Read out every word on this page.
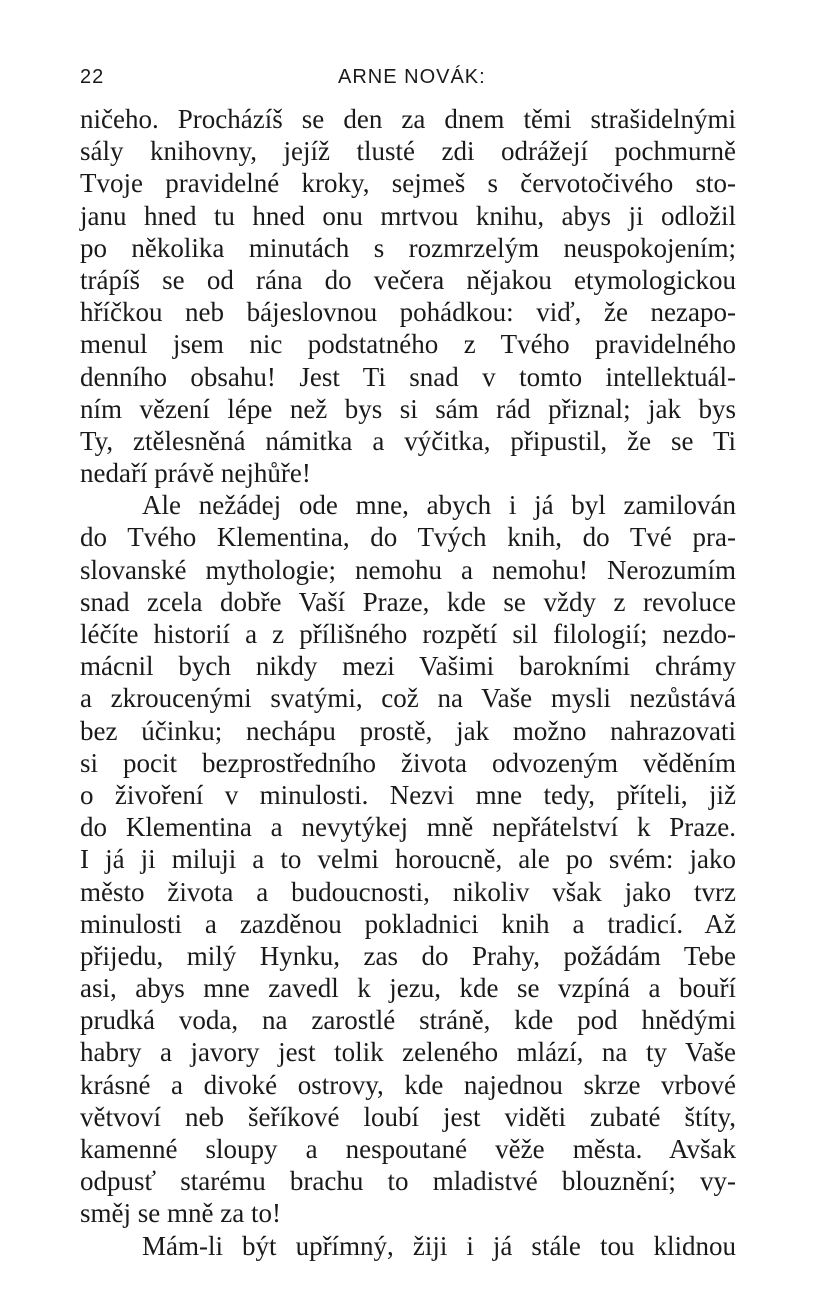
22	ARNE NOVÁK:
ničeho. Procházíš se den za dnem těmi strašidelnými
sály knihovny, jejíž tlusté zdi odrážejí pochmurně
Tvoje pravidelné kroky, sejmeš s červotočivého sto-
janu hned tu hned onu mrtvou knihu, abys ji odložil
po několika minutách s rozmrzelým neuspokojením;
trápíš se od rána do večera nějakou etymologickou
hříčkou neb bájeslovnou pohádkou: viď, že nezapo-
menul jsem nic podstatného z Tvého pravidelného
denního obsahu! Jest Ti snad v tomto intellektuál-
ním vězení lépe než bys si sám rád přiznal; jak bys
Ty, ztělesněná námitka a výčitka, připustil, že se Ti
nedaří právě nejhůře!
Ale nežádej ode mne, abych i já byl zamilován
do Tvého Klementina, do Tvých knih, do Tvé pra-
slovanské mythologie; nemohu a nemohu! Nerozumím
snad zcela dobře Vaší Praze, kde se vždy z revoluce
léčíte historií a z přílišného rozpětí sil filologií; nezdo-
mácnil bych nikdy mezi Vašimi barokními chrámy
a zkroucenými svatými, což na Vaše mysli nezůstává
bez účinku; nechápu prostě, jak možno nahrazovati
si pocit bezprostředního života odvozeným věděním
o živoření v minulosti. Nezvi mne tedy, příteli, již
do Klementina a nevytýkej mně nepřátelství k Praze.
I já ji miluji a to velmi horoucně, ale po svém: jako
město života a budoucnosti, nikoliv však jako tvrz
minulosti a zazděnou pokladnici knih a tradicí. Až
přijedu, milý Hynku, zas do Prahy, požádám Tebe
asi, abys mne zavedl k jezu, kde se vzpíná a bouří
prudká voda, na zarostlé stráně, kde pod hnědými
habry a javory jest tolik zeleného mlází, na ty Vaše
krásné a divoké ostrovy, kde najednou skrze vrbové
větvoví neb šeříkové loubí jest viděti zubaté štíty,
kamenné sloupy a nespoutané věže města. Avšak
odpusť starému brachu to mladistvé blouznění; vy-
směj se mně za to!
Mám-li být upřímný, žiji i já stále tou klidnou
